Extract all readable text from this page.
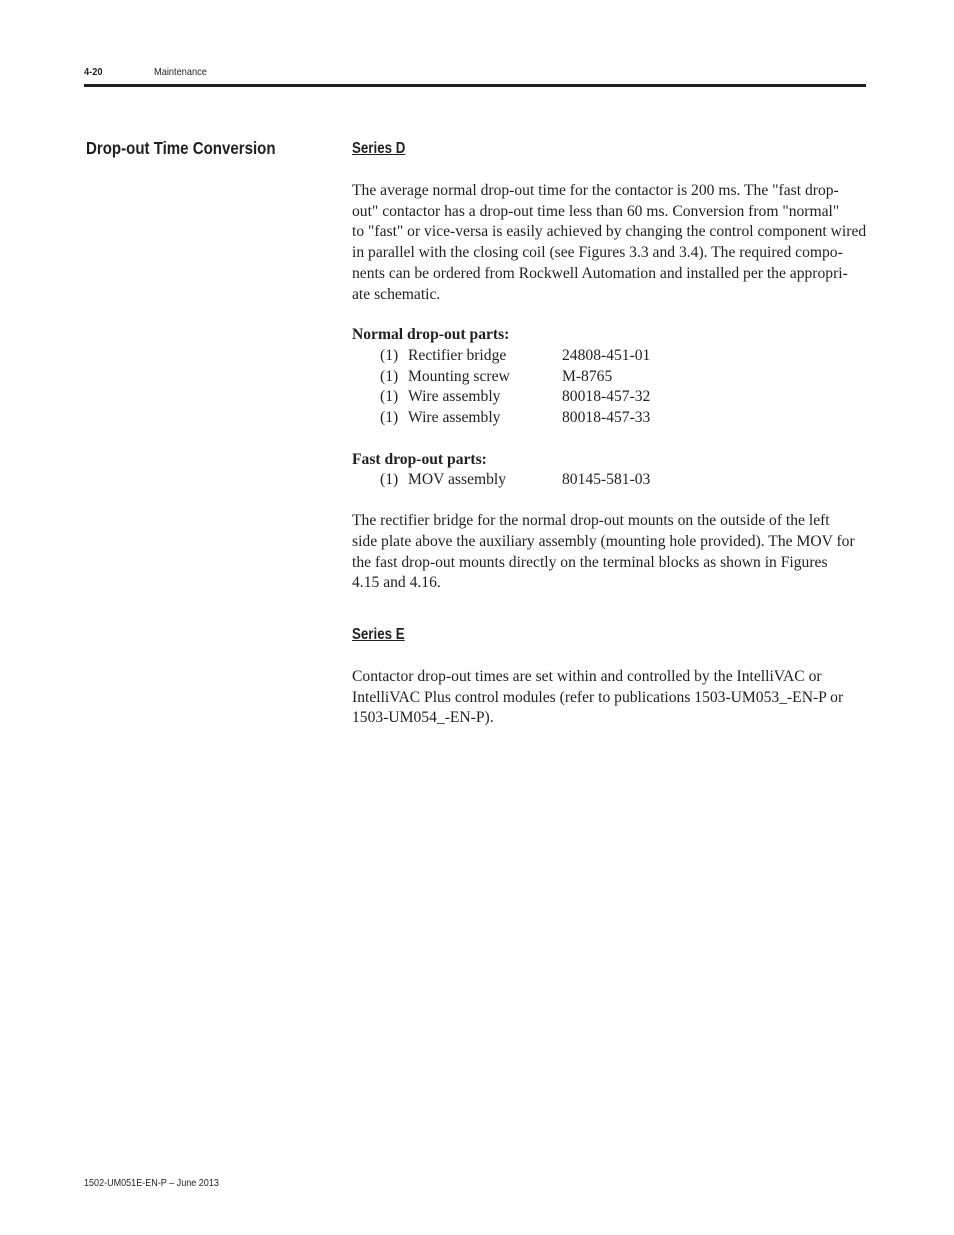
4-20	Maintenance
Drop-out Time Conversion	Series D

The average normal drop-out time for the contactor is 200 ms. The "fast drop-
out" contactor has a drop-out time less than 60 ms. Conversion from "normal"
to "fast" or vice-versa is easily achieved by changing the control component wired
in parallel with the closing coil (see Figures 3.3 and 3.4). The required compo-
nents can be ordered from Rockwell Automation and installed per the appropri-
ate schematic.

Normal drop-out parts:
(1) Rectifier bridge	24808-451-01
(1) Mounting screw	M-8765
(1) Wire assembly	80018-457-32
(1) Wire assembly	80018-457-33
Fast drop-out parts:
(1) MOV assembly	80145-581-03

The rectifier bridge for the normal drop-out mounts on the outside of the left
side plate above the auxiliary assembly (mounting hole provided). The MOV for
the fast drop-out mounts directly on the terminal blocks as shown in Figures
4.15 and 4.16.

Series E

Contactor drop-out times are set within and controlled by the IntelliVAC or
IntelliVAC Plus control modules (refer to publications 1503-UM053_-EN-P or
1503-UM054_-EN-P).

1502-UM051E-EN-P – June 2013
